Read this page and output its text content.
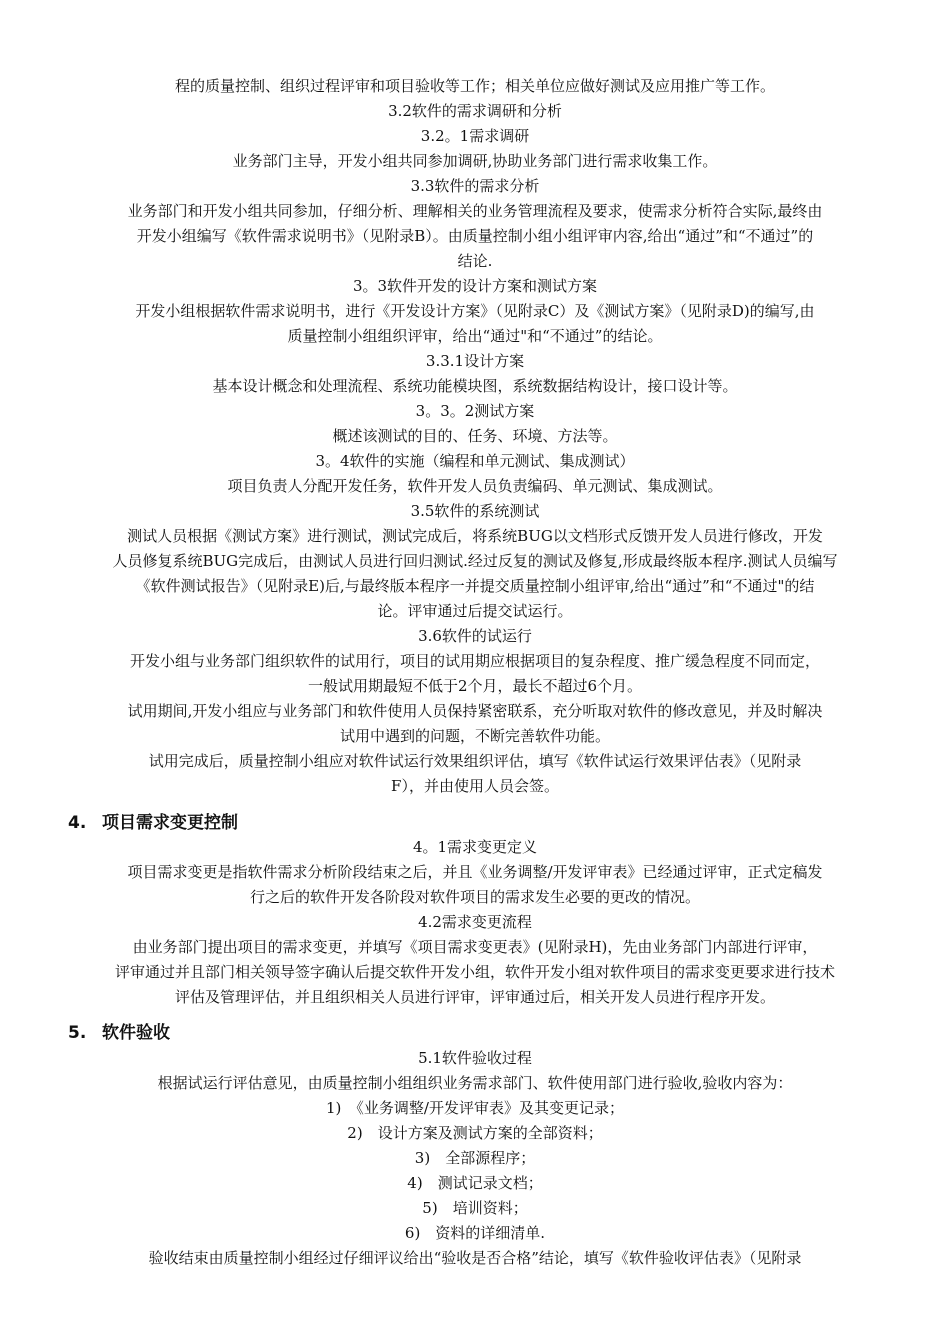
程的质量控制、组织过程评审和项目验收等工作；相关单位应做好测试及应用推广等工作。
3.2软件的需求调研和分析
3.2。1需求调研
业务部门主导，开发小组共同参加调研,协助业务部门进行需求收集工作。
3.3软件的需求分析
业务部门和开发小组共同参加，仔细分析、理解相关的业务管理流程及要求，使需求分析符合实际,最终由
开发小组编写《软件需求说明书》（见附录B）。由质量控制小组小组评审内容,给出“通过”和“不通过”的
结论.
3。3软件开发的设计方案和测试方案
开发小组根据软件需求说明书，进行《开发设计方案》（见附录C）及《测试方案》（见附录D)的编写,由
质量控制小组组织评审，给出“通过"和“不通过”的结论。
3.3.1设计方案
基本设计概念和处理流程、系统功能模块图，系统数据结构设计，接口设计等。
3。3。2测试方案
概述该测试的目的、任务、环境、方法等。
3。4软件的实施（编程和单元测试、集成测试）
项目负责人分配开发任务，软件开发人员负责编码、单元测试、集成测试。
3.5软件的系统测试
测试人员根据《测试方案》进行测试，测试完成后，将系统BUG以文档形式反馈开发人员进行修改，开发
人员修复系统BUG完成后，由测试人员进行回归测试.经过反复的测试及修复,形成最终版本程序.测试人员编写
《软件测试报告》（见附录E)后,与最终版本程序一并提交质量控制小组评审,给出“通过”和“不通过"的结
论。评审通过后提交试运行。
3.6软件的试运行
开发小组与业务部门组织软件的试用行，项目的试用期应根据项目的复杂程度、推广缓急程度不同而定，
一般试用期最短不低于2个月，最长不超过6个月。
试用期间,开发小组应与业务部门和软件使用人员保持紧密联系，充分听取对软件的修改意见，并及时解决
试用中遇到的问题，不断完善软件功能。
试用完成后，质量控制小组应对软件试运行效果组织评估，填写《软件试运行效果评估表》（见附录
F），并由使用人员会签。
4. 项目需求变更控制
4。1需求变更定义
项目需求变更是指软件需求分析阶段结束之后，并且《业务调整/开发评审表》已经通过评审，正式定稿发
行之后的软件开发各阶段对软件项目的需求发生必要的更改的情况。
4.2需求变更流程
由业务部门提出项目的需求变更，并填写《项目需求变更表》(见附录H)，先由业务部门内部进行评审，
评审通过并且部门相关领导签字确认后提交软件开发小组，软件开发小组对软件项目的需求变更要求进行技术
评估及管理评估，并且组织相关人员进行评审，评审通过后，相关开发人员进行程序开发。
5. 软件验收
5.1软件验收过程
根据试运行评估意见，由质量控制小组组织业务需求部门、软件使用部门进行验收,验收内容为：
1)　《业务调整/开发评审表》及其变更记录；
2)　设计方案及测试方案的全部资料；
3)　全部源程序；
4)　测试记录文档；
5)　培训资料；
6)　资料的详细清单.
验收结束由质量控制小组经过仔细评议给出“验收是否合格”结论，填写《软件验收评估表》（见附录
